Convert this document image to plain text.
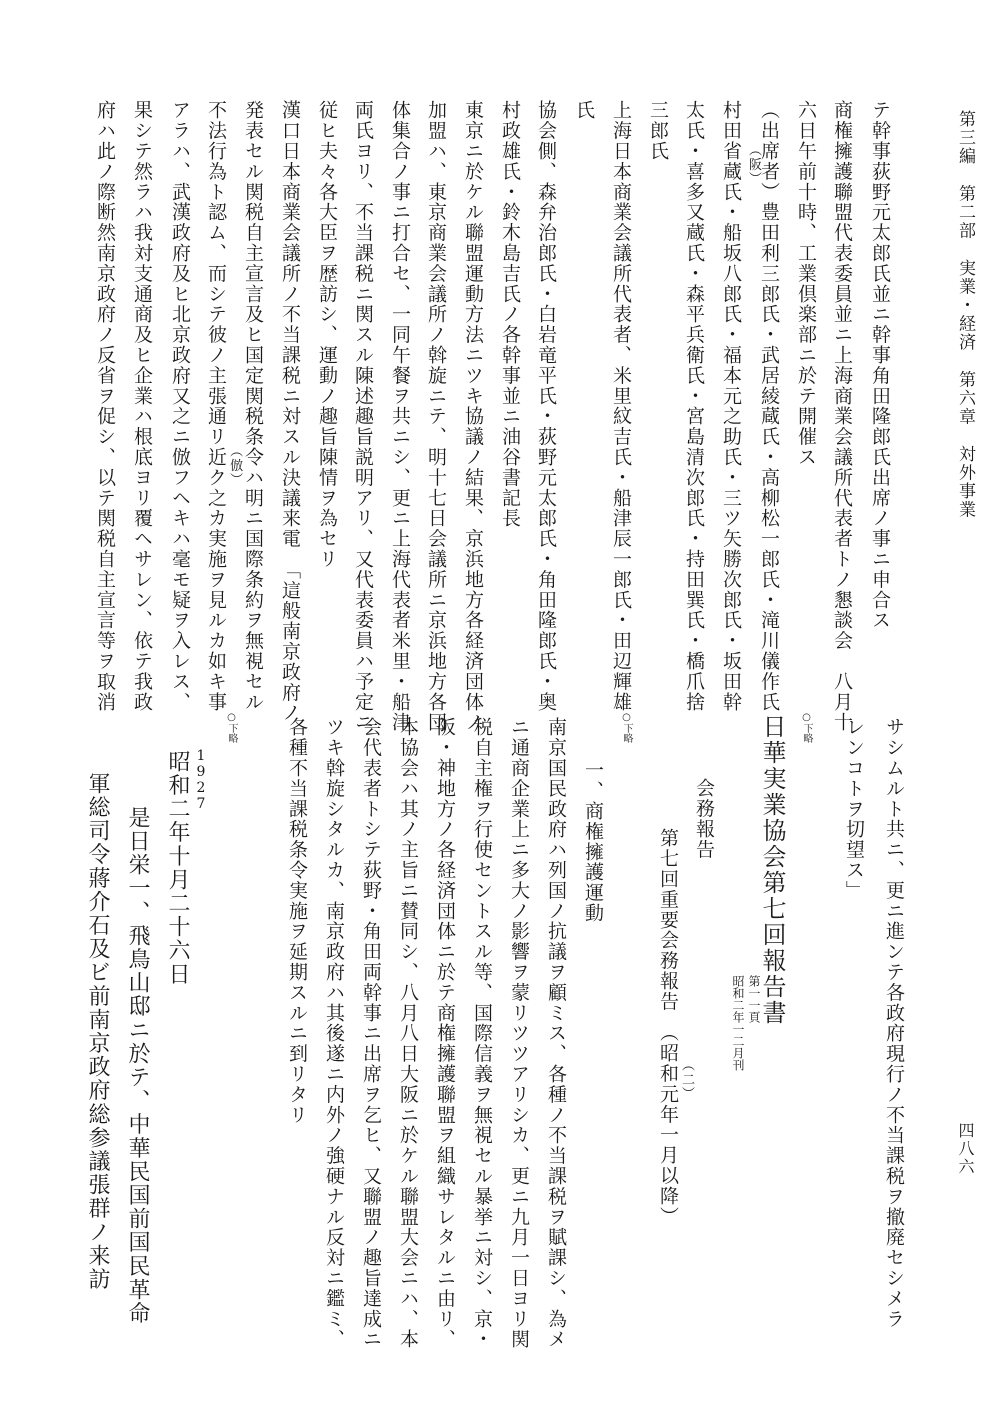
第三編　第二部　実業・経済　第六章　対外事業
四八六
テ幹事荻野元太郎氏並ニ幹事角田隆郎氏出席ノ事ニ申合ス
商権擁護聯盟代表委員並ニ上海商業会議所代表者トノ懇談会　八月十
六日午前十時、工業倶楽部ニ於テ開催ス
（出席者）豊田利三郎氏・武居綾蔵氏・高柳松一郎氏・滝川儀作氏
村田省蔵氏・船坂八郎氏・福本元之助氏・三ツ矢勝次郎氏・坂田幹
太氏・喜多又蔵氏・森平兵衛氏・宮島清次郎氏・持田巽氏・橋爪捨
三郎氏
上海日本商業会議所代表者、米里紋吉氏・船津辰一郎氏・田辺輝雄
氏
協会側、森弁治郎氏・白岩竜平氏・荻野元太郎氏・角田隆郎氏・奥
村政雄氏・鈴木島吉氏ノ各幹事並ニ油谷書記長
東京ニ於ケル聯盟運動方法ニツキ協議ノ結果、京浜地方各経済団体ノ
加盟ハ、東京商業会議所ノ斡旋ニテ、明十七日会議所ニ京浜地方各団
体集合ノ事ニ打合セ、一同午餐ヲ共ニシ、更ニ上海代表者米里・船津
両氏ヨリ、不当課税ニ関スル陳述趣旨説明アリ、又代表委員ハ予定ニ
従ヒ夫々各大臣ヲ歴訪シ、運動ノ趣旨陳情ヲ為セリ
漢口日本商業会議所ノ不当課税ニ対スル決議来電　「這般南京政府ノ
発表セル関税自主宣言及ヒ国定関税条令ハ明ニ国際条約ヲ無視セル
不法行為ト認ム、而シテ彼ノ主張通リ近ク之カ実施ヲ見ルカ如キ事
アラハ、武漢政府及ヒ北京政府又之ニ倣フヘキハ毫モ疑ヲ入レス、
果シテ然ラハ我対支通商及ヒ企業ハ根底ヨリ覆ヘサレン、依テ我政
府ハ此ノ際断然南京政府ノ反省ヲ促シ、以テ関税自主宣言等ヲ取消
サシムルト共ニ、更ニ進ンテ各政府現行ノ不当課税ヲ撤廃セシメラ
レンコトヲ切望ス」
○下略
日華実業協会第七回報告書
第一一頁
昭和二年一二月刊
会務報告
第七回重要会務報告　（昭和元年一月以降） （二）
○下略
一、商権擁護運動
南京国民政府ハ列国ノ抗議ヲ顧ミス、各種ノ不当課税ヲ賦課シ、為メ
ニ通商企業上ニ多大ノ影響ヲ蒙リツツアリシカ、更ニ九月一日ヨリ関
税自主権ヲ行使セントスル等、国際信義ヲ無視セル暴挙ニ対シ、京・
阪・神地方ノ各経済団体ニ於テ商権擁護聯盟ヲ組織サレタルニ由リ、
本協会ハ其ノ主旨ニ賛同シ、八月八日大阪ニ於ケル聯盟大会ニハ、本
会代表者トシテ荻野・角田両幹事ニ出席ヲ乞ヒ、又聯盟ノ趣旨達成ニ
ツキ斡旋シタルカ、南京政府ハ其後遂ニ内外ノ強硬ナル反対ニ鑑ミ、
各種不当課税条令実施ヲ延期スルニ到リタリ
○下略
1927
昭和二年十月二十六日
是日栄一、飛鳥山邸ニ於テ、中華民国前国民革命
軍総司令蔣介石及ビ前南京政府総参議張群ノ来訪
（阪） （倣）
